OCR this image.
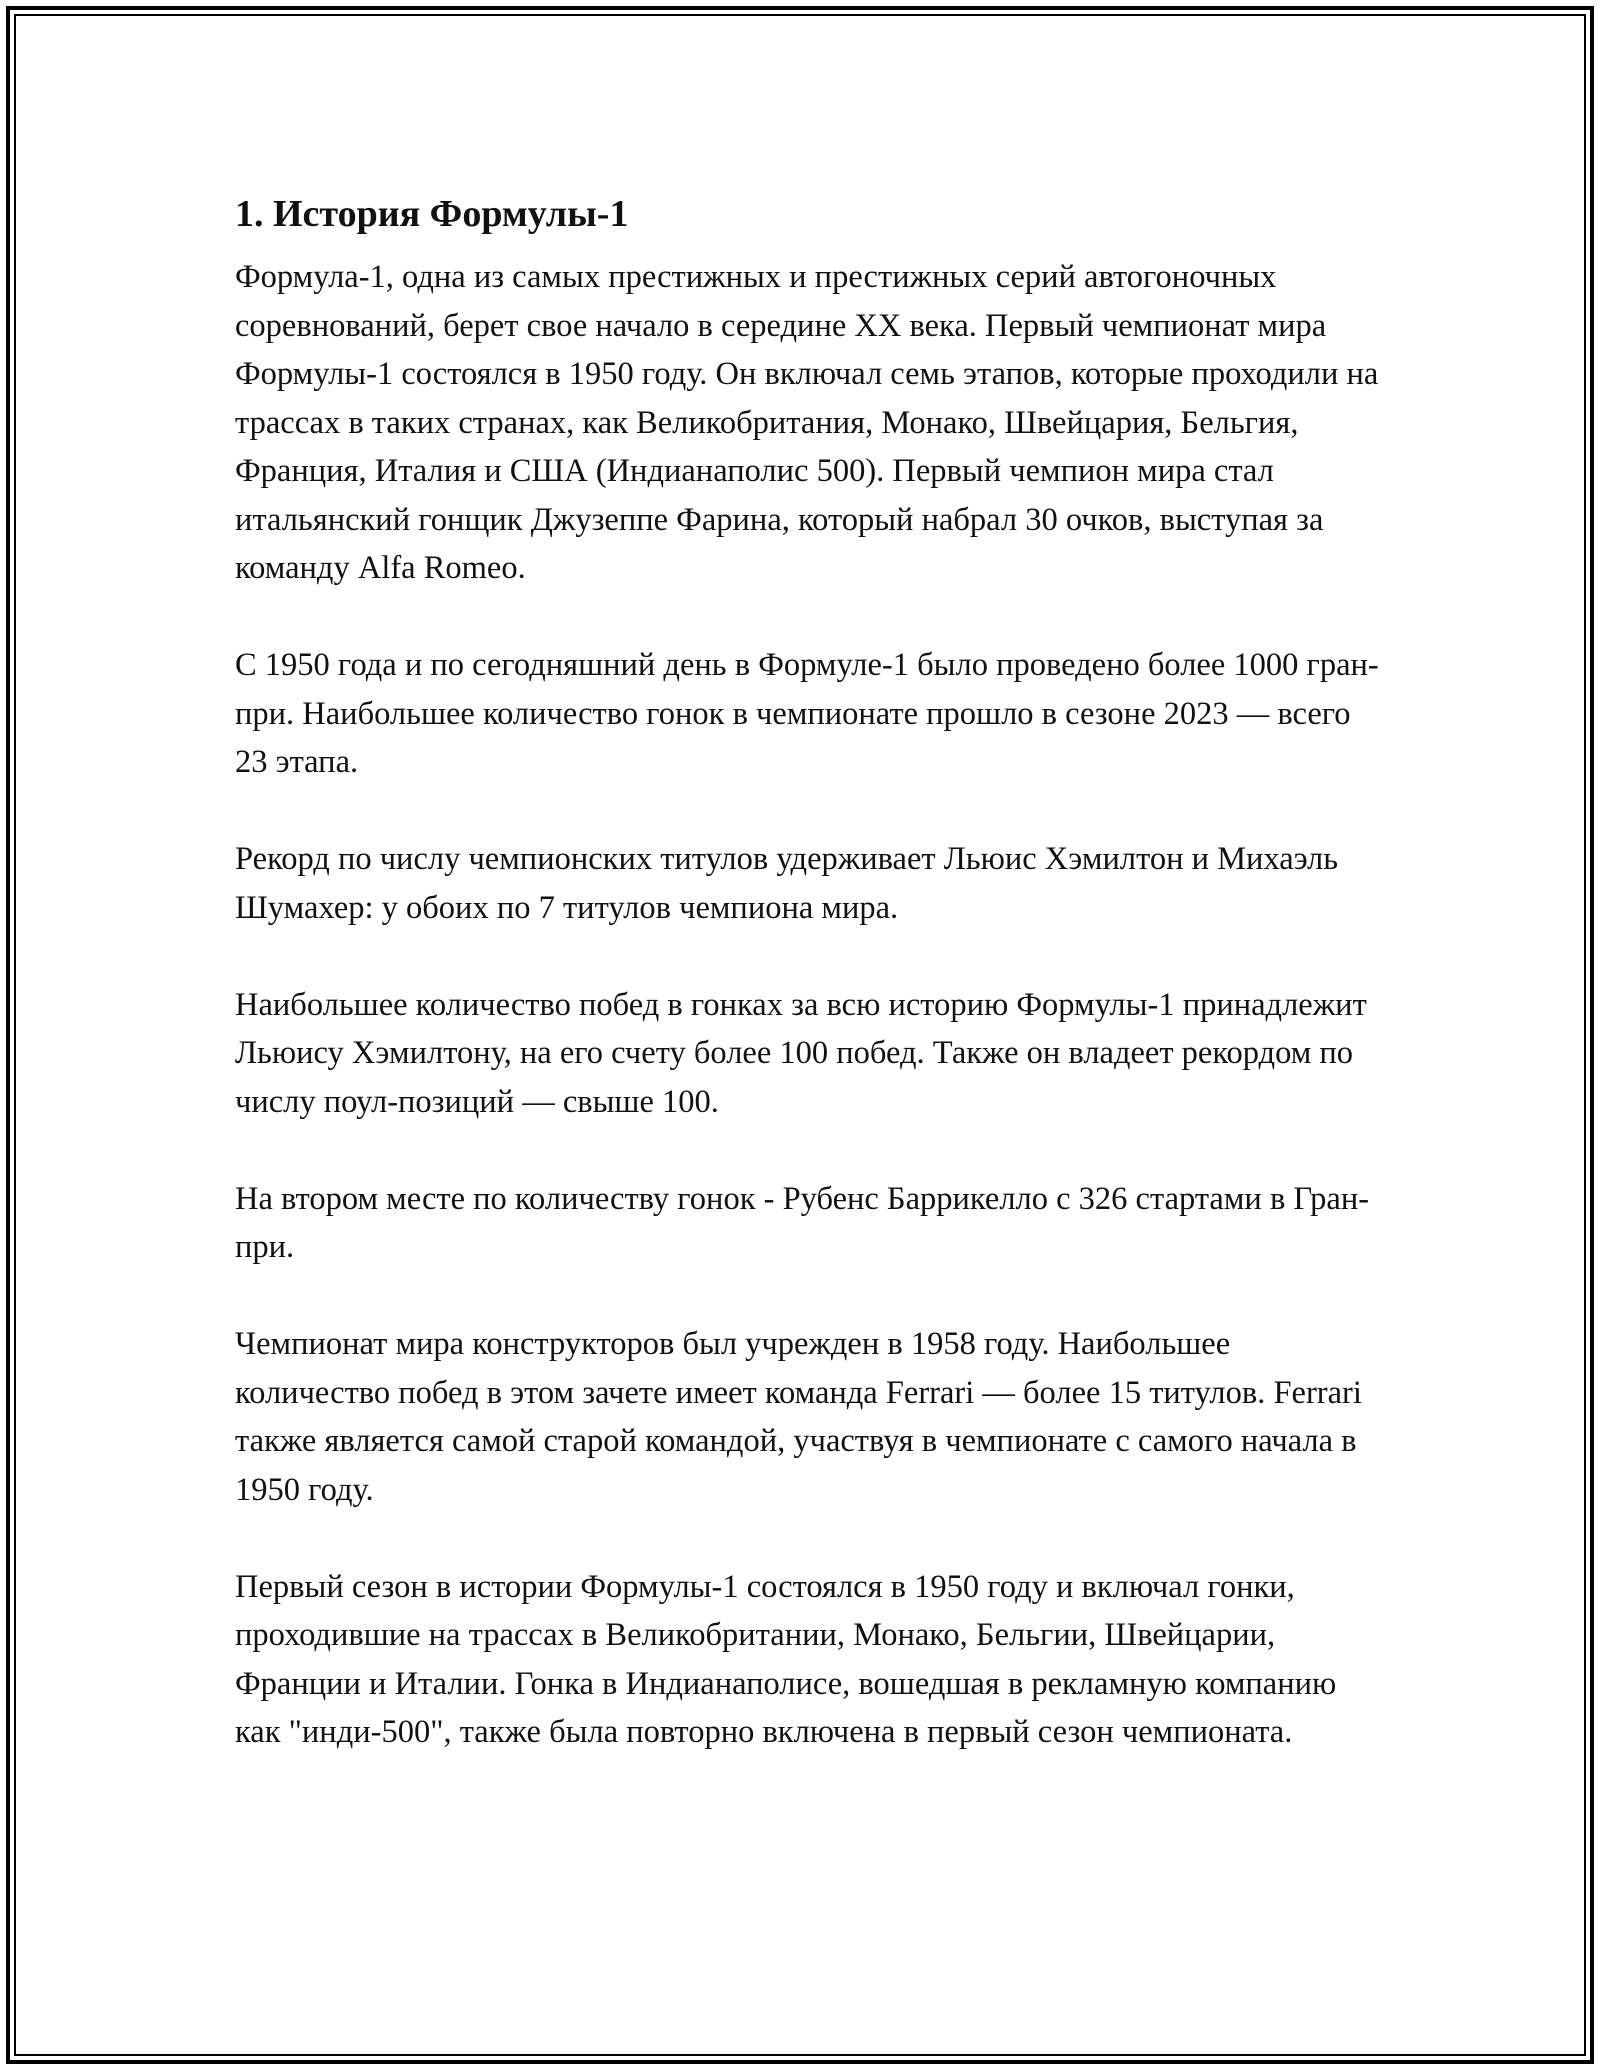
1. История Формулы-1

Формула-1, одна из самых престижных и престижных серий автогоночных соревнований, берет свое начало в середине XX века. Первый чемпионат мира Формулы-1 состоялся в 1950 году. Он включал семь этапов, которые проходили на трассах в таких странах, как Великобритания, Монако, Швейцария, Бельгия, Франция, Италия и США (Индианаполис 500). Первый чемпион мира стал итальянский гонщик Джузеппе Фарина, который набрал 30 очков, выступая за команду Alfa Romeo.

С 1950 года и по сегодняшний день в Формуле-1 было проведено более 1000 гран-при. Наибольшее количество гонок в чемпионате прошло в сезоне 2023 — всего 23 этапа.

Рекорд по числу чемпионских титулов удерживает Льюис Хэмилтон и Михаэль Шумахер: у обоих по 7 титулов чемпиона мира.

Наибольшее количество побед в гонках за всю историю Формулы-1 принадлежит Льюису Хэмилтону, на его счету более 100 побед. Также он владеет рекордом по числу поул-позиций — свыше 100.

На втором месте по количеству гонок - Рубенс Баррикелло с 326 стартами в Гран-при.

Чемпионат мира конструкторов был учрежден в 1958 году. Наибольшее количество побед в этом зачете имеет команда Ferrari — более 15 титулов. Ferrari также является самой старой командой, участвуя в чемпионате с самого начала в 1950 году.

Первый сезон в истории Формулы-1 состоялся в 1950 году и включал гонки, проходившие на трассах в Великобритании, Монако, Бельгии, Швейцарии, Франции и Италии. Гонка в Индианаполисе, вошедшая в рекламную компанию как "инди-500", также была повторно включена в первый сезон чемпионата.
